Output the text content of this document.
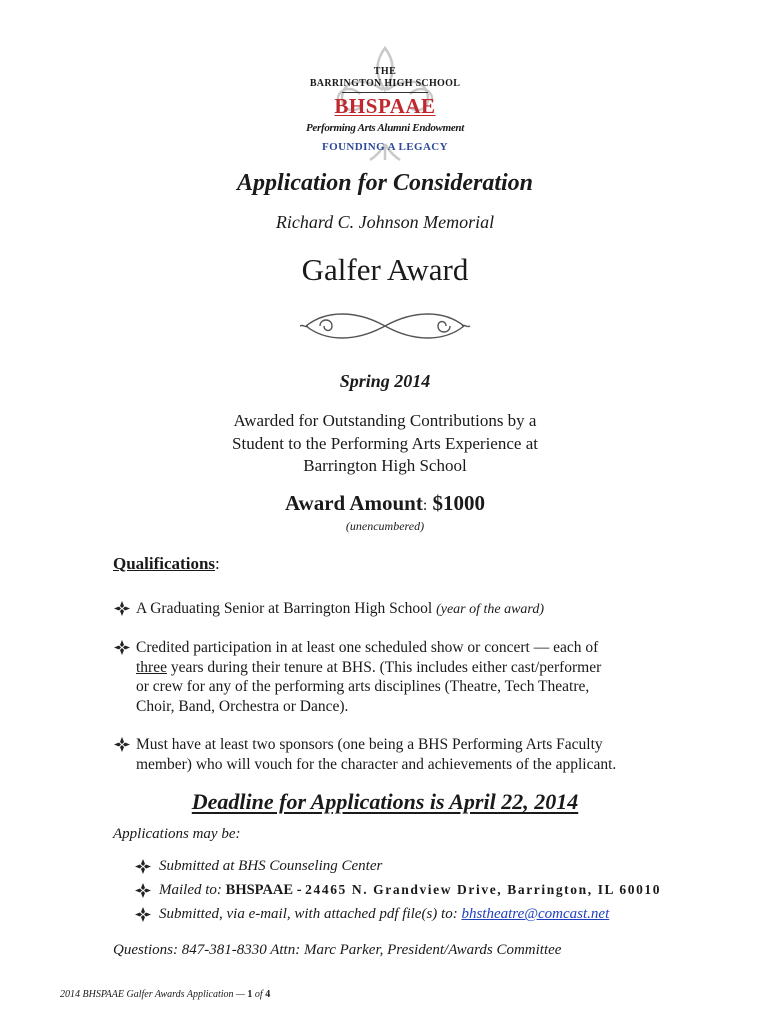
THE
BARRINGTON HIGH SCHOOL
BHSPAAE
Performing Arts Alumni Endowment
FOUNDING A LEGACY
Application for Consideration
Richard C. Johnson Memorial
Galfer Award
Spring 2014
Awarded for Outstanding Contributions by a
Student to the Performing Arts Experience at
Barrington High School
Award Amount: $1000
(unencumbered)
Qualifications:
A Graduating Senior at Barrington High School (year of the award)
Credited participation in at least one scheduled show or concert — each of
three years during their tenure at BHS. (This includes either cast/performer
or crew for any of the performing arts disciplines (Theatre, Tech Theatre,
Choir, Band, Orchestra or Dance).
Must have at least two sponsors (one being a BHS Performing Arts Faculty
member) who will vouch for the character and achievements of the applicant.
Deadline for Applications is April 22, 2014
Applications may be:
Submitted at BHS Counseling Center
Mailed to: BHSPAAE - 24465 N. Grandview Drive, Barrington, IL 60010
Submitted, via e-mail, with attached pdf file(s) to: bhstheatre@comcast.net
Questions: 847-381-8330 Attn: Marc Parker, President/Awards Committee
2014 BHSPAAE Galfer Awards Application — 1 of 4
